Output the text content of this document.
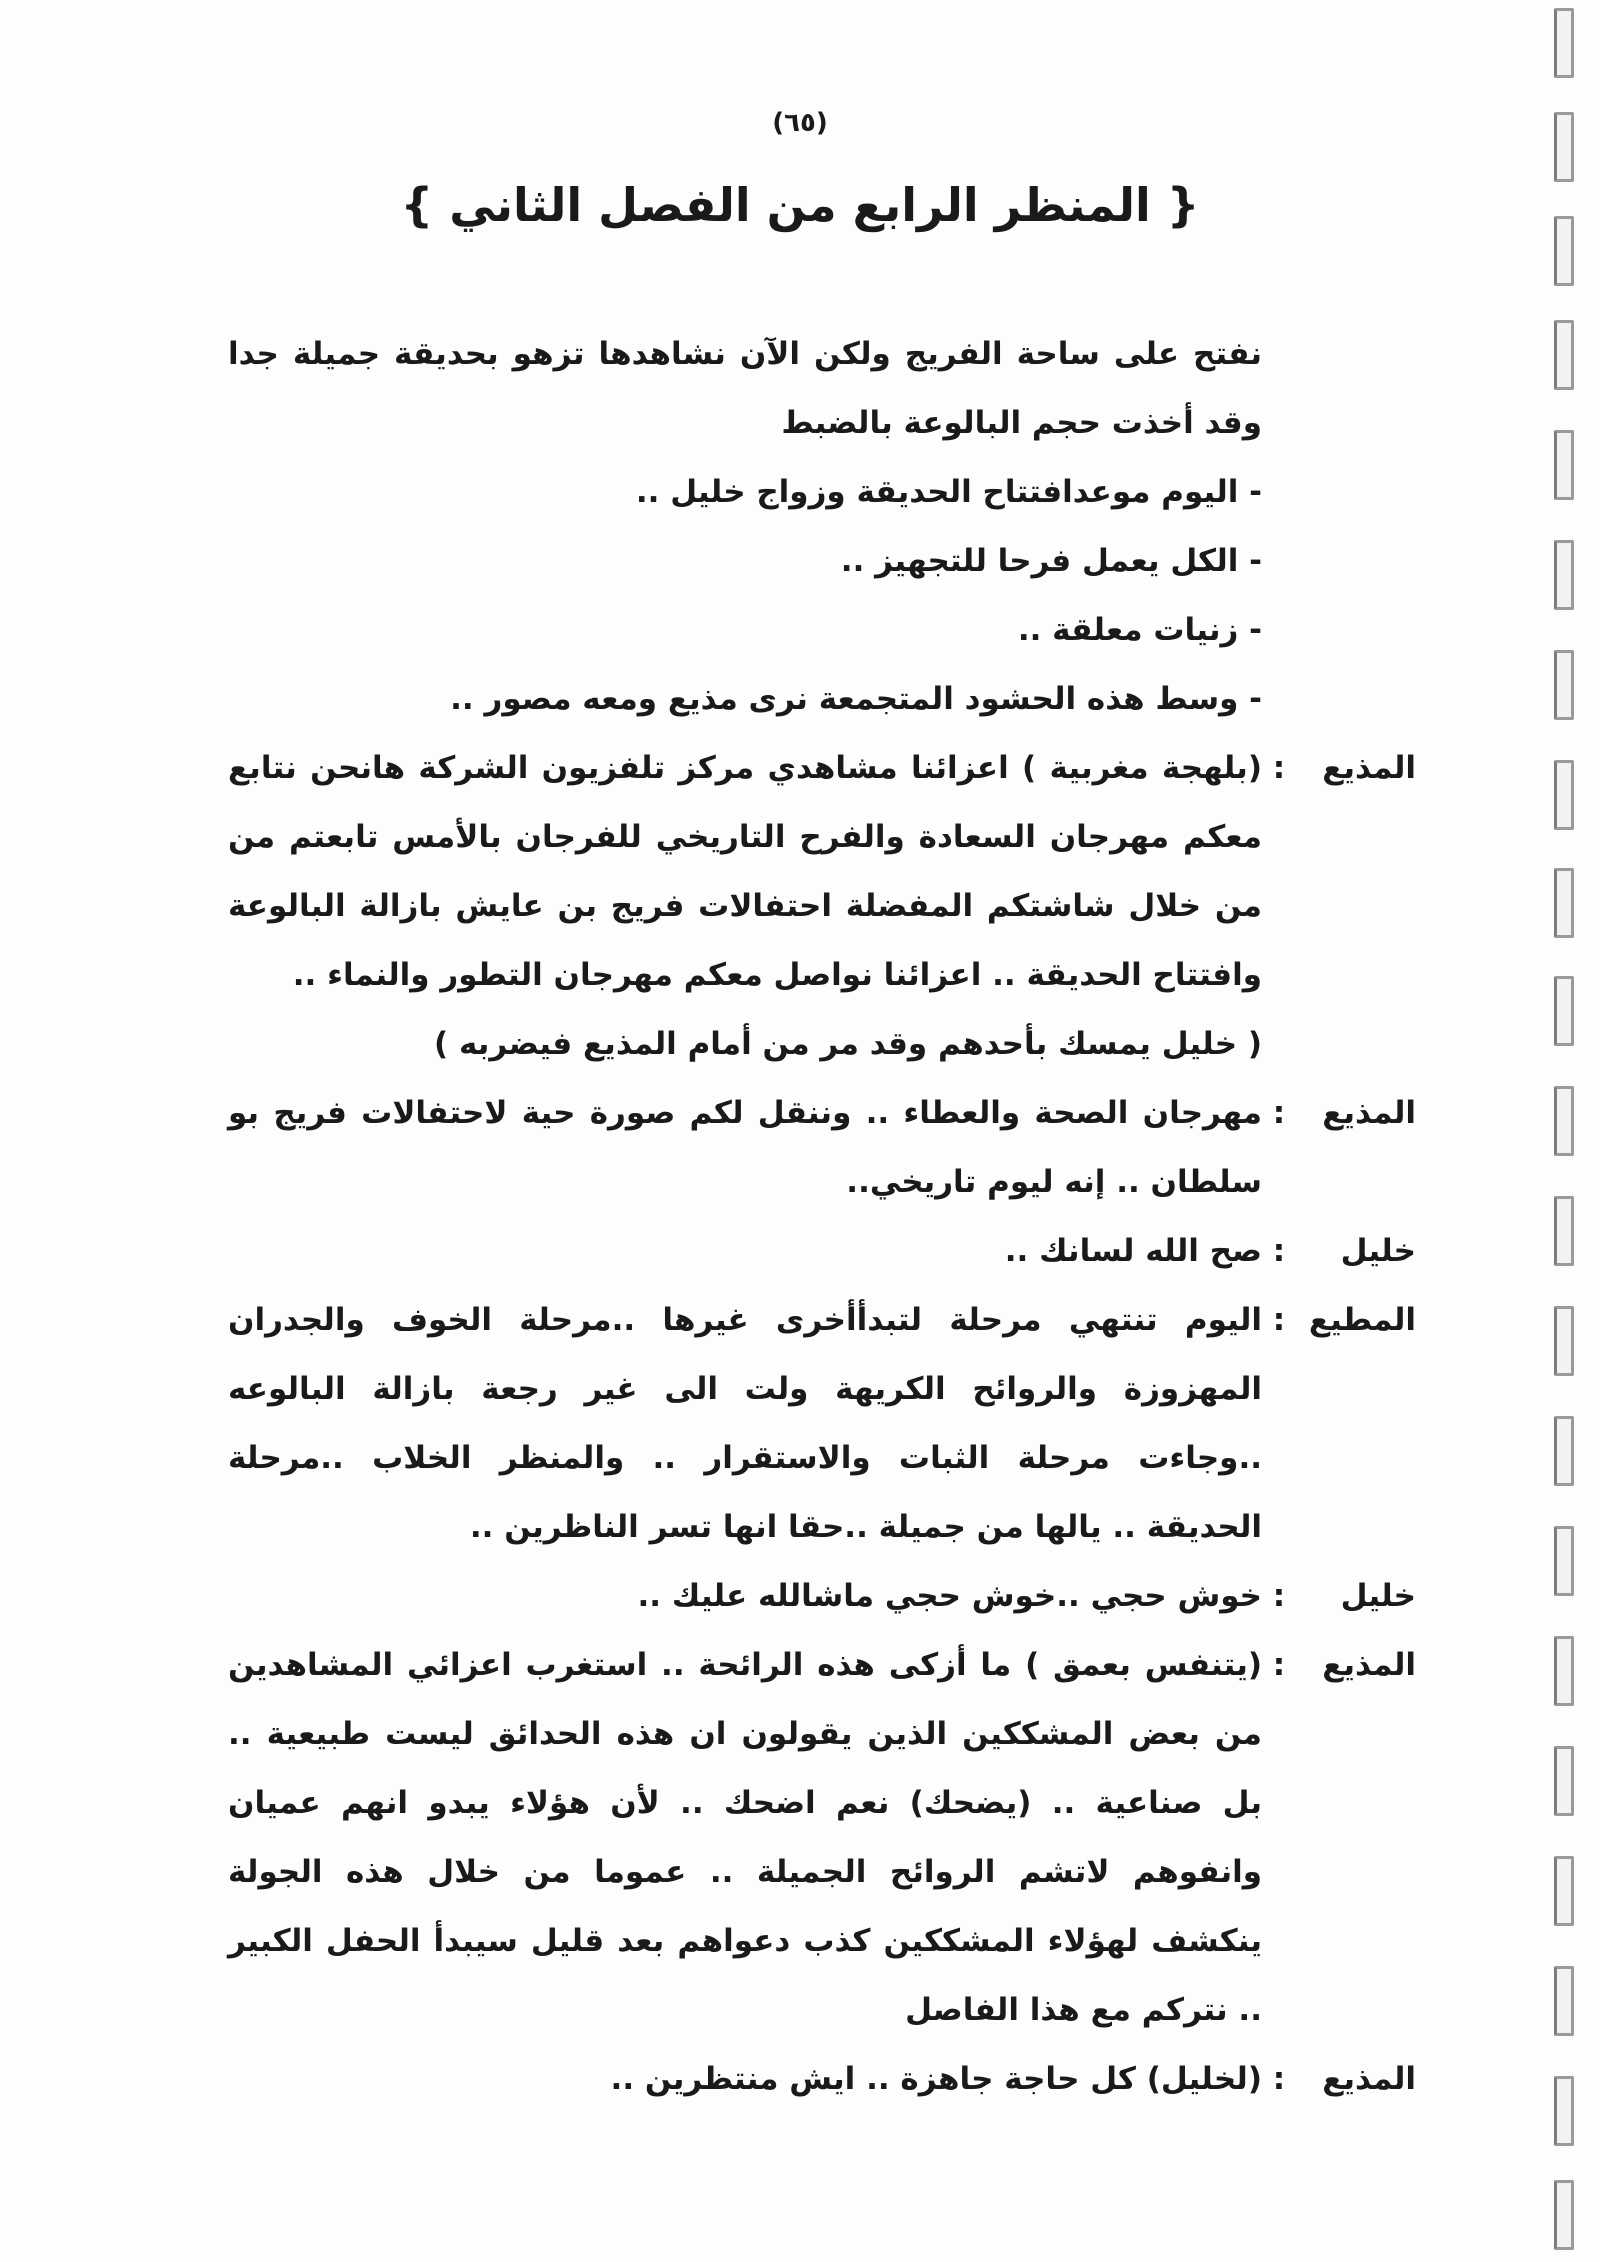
(٦٥)
{ المنظر الرابع من الفصل الثاني }
نفتح على ساحة الفريج ولكن الآن نشاهدها تزهو بحديقة جميلة جدا وقد أخذت حجم البالوعة بالضبط
- اليوم موعدافتتاح الحديقة وزواج خليل ..
- الكل يعمل فرحا للتجهيز ..
- زنيات معلقة ..
- وسط هذه الحشود المتجمعة نرى مذيع ومعه مصور ..
المذيع
:
(بلهجة مغربية ) اعزائنا مشاهدي مركز تلفزيون الشركة هانحن نتابع معكم مهرجان السعادة والفرح التاريخي للفرجان بالأمس تابعتم من من خلال شاشتكم المفضلة احتفالات فريج بن عايش بازالة البالوعة وافتتاح الحديقة .. اعزائنا نواصل معكم مهرجان التطور والنماء ..
( خليل يمسك بأحدهم وقد مر من أمام المذيع فيضربه )
المذيع
:
مهرجان الصحة والعطاء .. وننقل لكم صورة حية لاحتفالات فريج بو سلطان .. إنه ليوم تاريخي..
خليل
:
صح الله لسانك ..
المطيع
:
اليوم تنتهي مرحلة لتبدأأخرى غيرها ..مرحلة الخوف والجدران المهزوزة والروائح الكريهة ولت الى غير رجعة بازالة البالوعه ..وجاءت مرحلة الثبات والاستقرار .. والمنظر الخلاب ..مرحلة الحديقة .. يالها من جميلة ..حقا انها تسر الناظرين ..
خليل
:
خوش حجي ..خوش حجي ماشالله عليك ..
المذيع
:
(يتنفس بعمق ) ما أزكى هذه الرائحة .. استغرب اعزائي المشاهدين من بعض المشككين الذين يقولون ان هذه الحدائق ليست طبيعية .. بل صناعية .. (يضحك) نعم اضحك .. لأن هؤلاء يبدو انهم عميان وانفوهم لاتشم الروائح الجميلة .. عموما من خلال هذه الجولة ينكشف لهؤلاء المشككين كذب دعواهم بعد قليل سيبدأ الحفل الكبير .. نتركم مع هذا الفاصل
المذيع
:
(لخليل) كل حاجة جاهزة .. ايش منتظرين ..
